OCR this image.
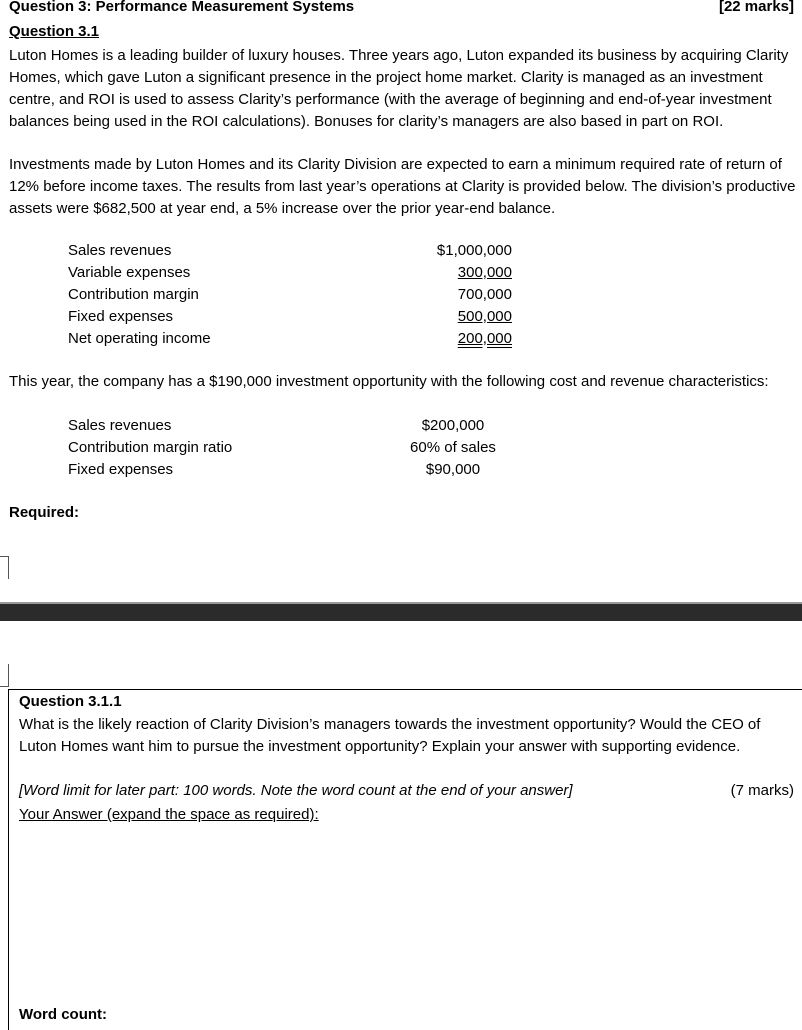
Question 3: Performance Measurement Systems	[22 marks]
Question 3.1
Luton Homes is a leading builder of luxury houses. Three years ago, Luton expanded its business by acquiring Clarity Homes, which gave Luton a significant presence in the project home market. Clarity is managed as an investment centre, and ROI is used to assess Clarity’s performance (with the average of beginning and end-of-year investment balances being used in the ROI calculations). Bonuses for clarity’s managers are also based in part on ROI.
Investments made by Luton Homes and its Clarity Division are expected to earn a minimum required rate of return of 12% before income taxes. The results from last year’s operations at Clarity is provided below. The division’s productive assets were $682,500 at year end, a 5% increase over the prior year-end balance.
Sales revenues	$1,000,000
Variable expenses	300,000
Contribution margin	700,000
Fixed expenses	500,000
Net operating income	200,000
This year, the company has a $190,000 investment opportunity with the following cost and revenue characteristics:
Sales revenues	$200,000
Contribution margin ratio	60% of sales
Fixed expenses	$90,000
Required:
Question 3.1.1
What is the likely reaction of Clarity Division’s managers towards the investment opportunity? Would the CEO of Luton Homes want him to pursue the investment opportunity? Explain your answer with supporting evidence.
[Word limit for later part: 100 words. Note the word count at the end of your answer]	(7 marks)
Your Answer (expand the space as required):
Word count:
